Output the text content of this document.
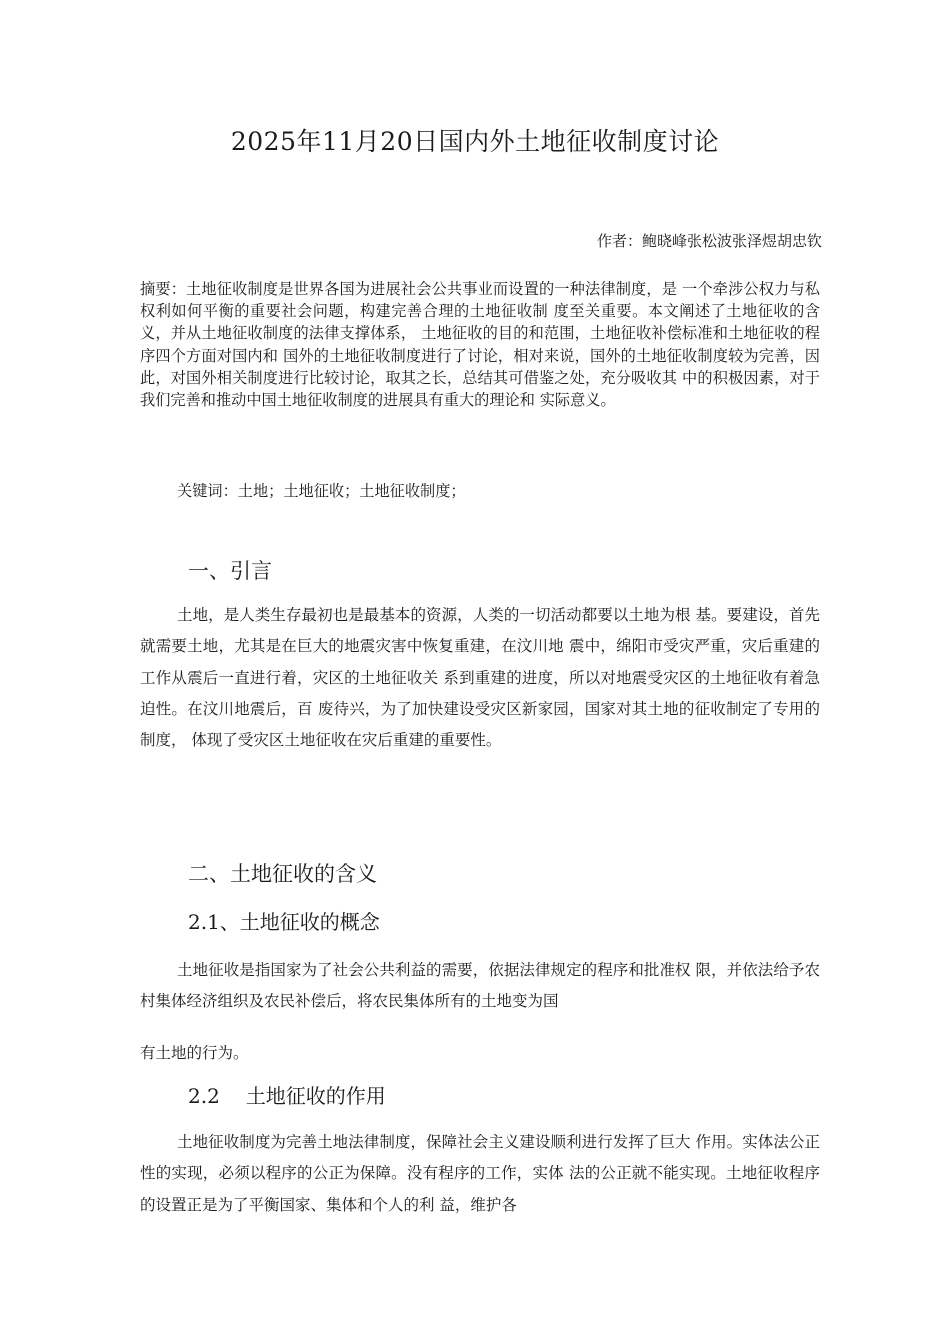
2025年11月20日国内外土地征收制度讨论
作者：鲍晓峰张松波张泽煜胡忠钦
摘要：土地征收制度是世界各国为进展社会公共事业而设置的一种法律制度，是 一个牵涉公权力与私权利如何平衡的重要社会问题，构建完善合理的土地征收制 度至关重要。本文阐述了土地征收的含义，并从土地征收制度的法律支撑体系， 土地征收的目的和范围，土地征收补偿标准和土地征收的程序四个方面对国内和 国外的土地征收制度进行了讨论，相对来说，国外的土地征收制度较为完善，因 此，对国外相关制度进行比较讨论，取其之长，总结其可借鉴之处，充分吸收其 中的积极因素，对于我们完善和推动中国土地征收制度的进展具有重大的理论和 实际意义。
关键词：土地；土地征收；土地征收制度；
一、引言
土地，是人类生存最初也是最基本的资源，人类的一切活动都要以土地为根 基。要建设，首先就需要土地，尤其是在巨大的地震灾害中恢复重建，在汶川地 震中，绵阳市受灾严重，灾后重建的工作从震后一直进行着，灾区的土地征收关 系到重建的进度，所以对地震受灾区的土地征收有着急迫性。在汶川地震后，百 废待兴，为了加快建设受灾区新家园，国家对其土地的征收制定了专用的制度， 体现了受灾区土地征收在灾后重建的重要性。
二、土地征收的含义
2.1、土地征收的概念
土地征收是指国家为了社会公共利益的需要，依据法律规定的程序和批准权 限，并依法给予农村集体经济组织及农民补偿后，将农民集体所有的土地变为国
有土地的行为。
2.2 土地征收的作用
土地征收制度为完善土地法律制度，保障社会主义建设顺利进行发挥了巨大 作用。实体法公正性的实现，必须以程序的公正为保障。没有程序的工作，实体 法的公正就不能实现。土地征收程序的设置正是为了平衡国家、集体和个人的利 益，维护各
